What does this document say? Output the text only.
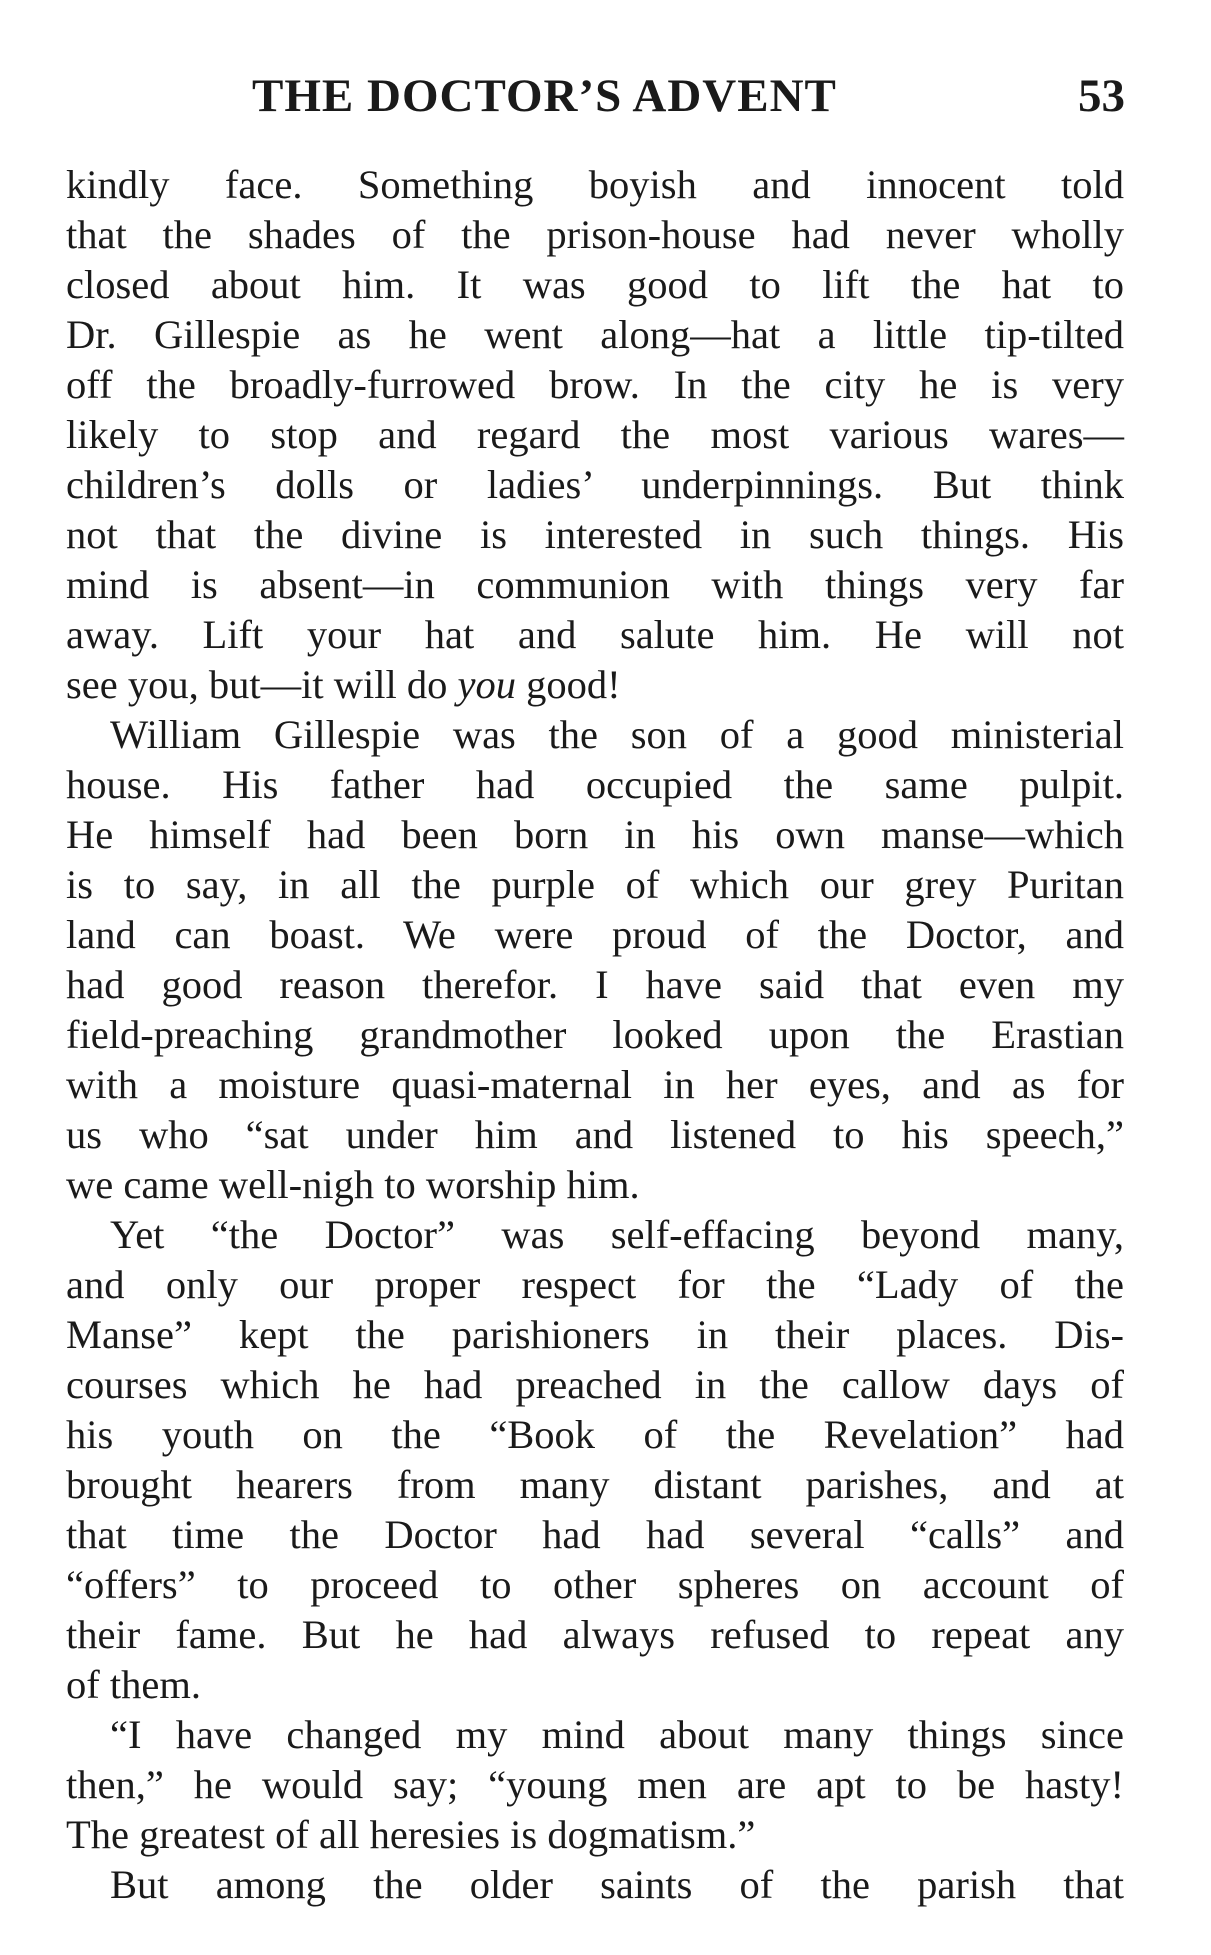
THE DOCTOR’S ADVENT	53
kindly face. Something boyish and innocent told
that the shades of the prison-house had never wholly
closed about him. It was good to lift the hat to
Dr. Gillespie as he went along—hat a little tip-tilted
off the broadly-furrowed brow. In the city he is very
likely to stop and regard the most various wares—
children’s dolls or ladies’ underpinnings. But think
not that the divine is interested in such things. His
mind is absent—in communion with things very far
away. Lift your hat and salute him. He will not
see you, but—it will do you good!
William Gillespie was the son of a good ministerial
house. His father had occupied the same pulpit.
He himself had been born in his own manse—which
is to say, in all the purple of which our grey Puritan
land can boast. We were proud of the Doctor, and
had good reason therefor. I have said that even my
field-preaching grandmother looked upon the Erastian
with a moisture quasi-maternal in her eyes, and as for
us who “sat under him and listened to his speech,”
we came well-nigh to worship him.
Yet “the Doctor” was self-effacing beyond many,
and only our proper respect for the “Lady of the
Manse” kept the parishioners in their places. Dis-
courses which he had preached in the callow days of
his youth on the “Book of the Revelation” had
brought hearers from many distant parishes, and at
that time the Doctor had had several “calls” and
“offers” to proceed to other spheres on account of
their fame. But he had always refused to repeat any
of them.
“I have changed my mind about many things since
then,” he would say; “young men are apt to be hasty!
The greatest of all heresies is dogmatism.”
But among the older saints of the parish that
